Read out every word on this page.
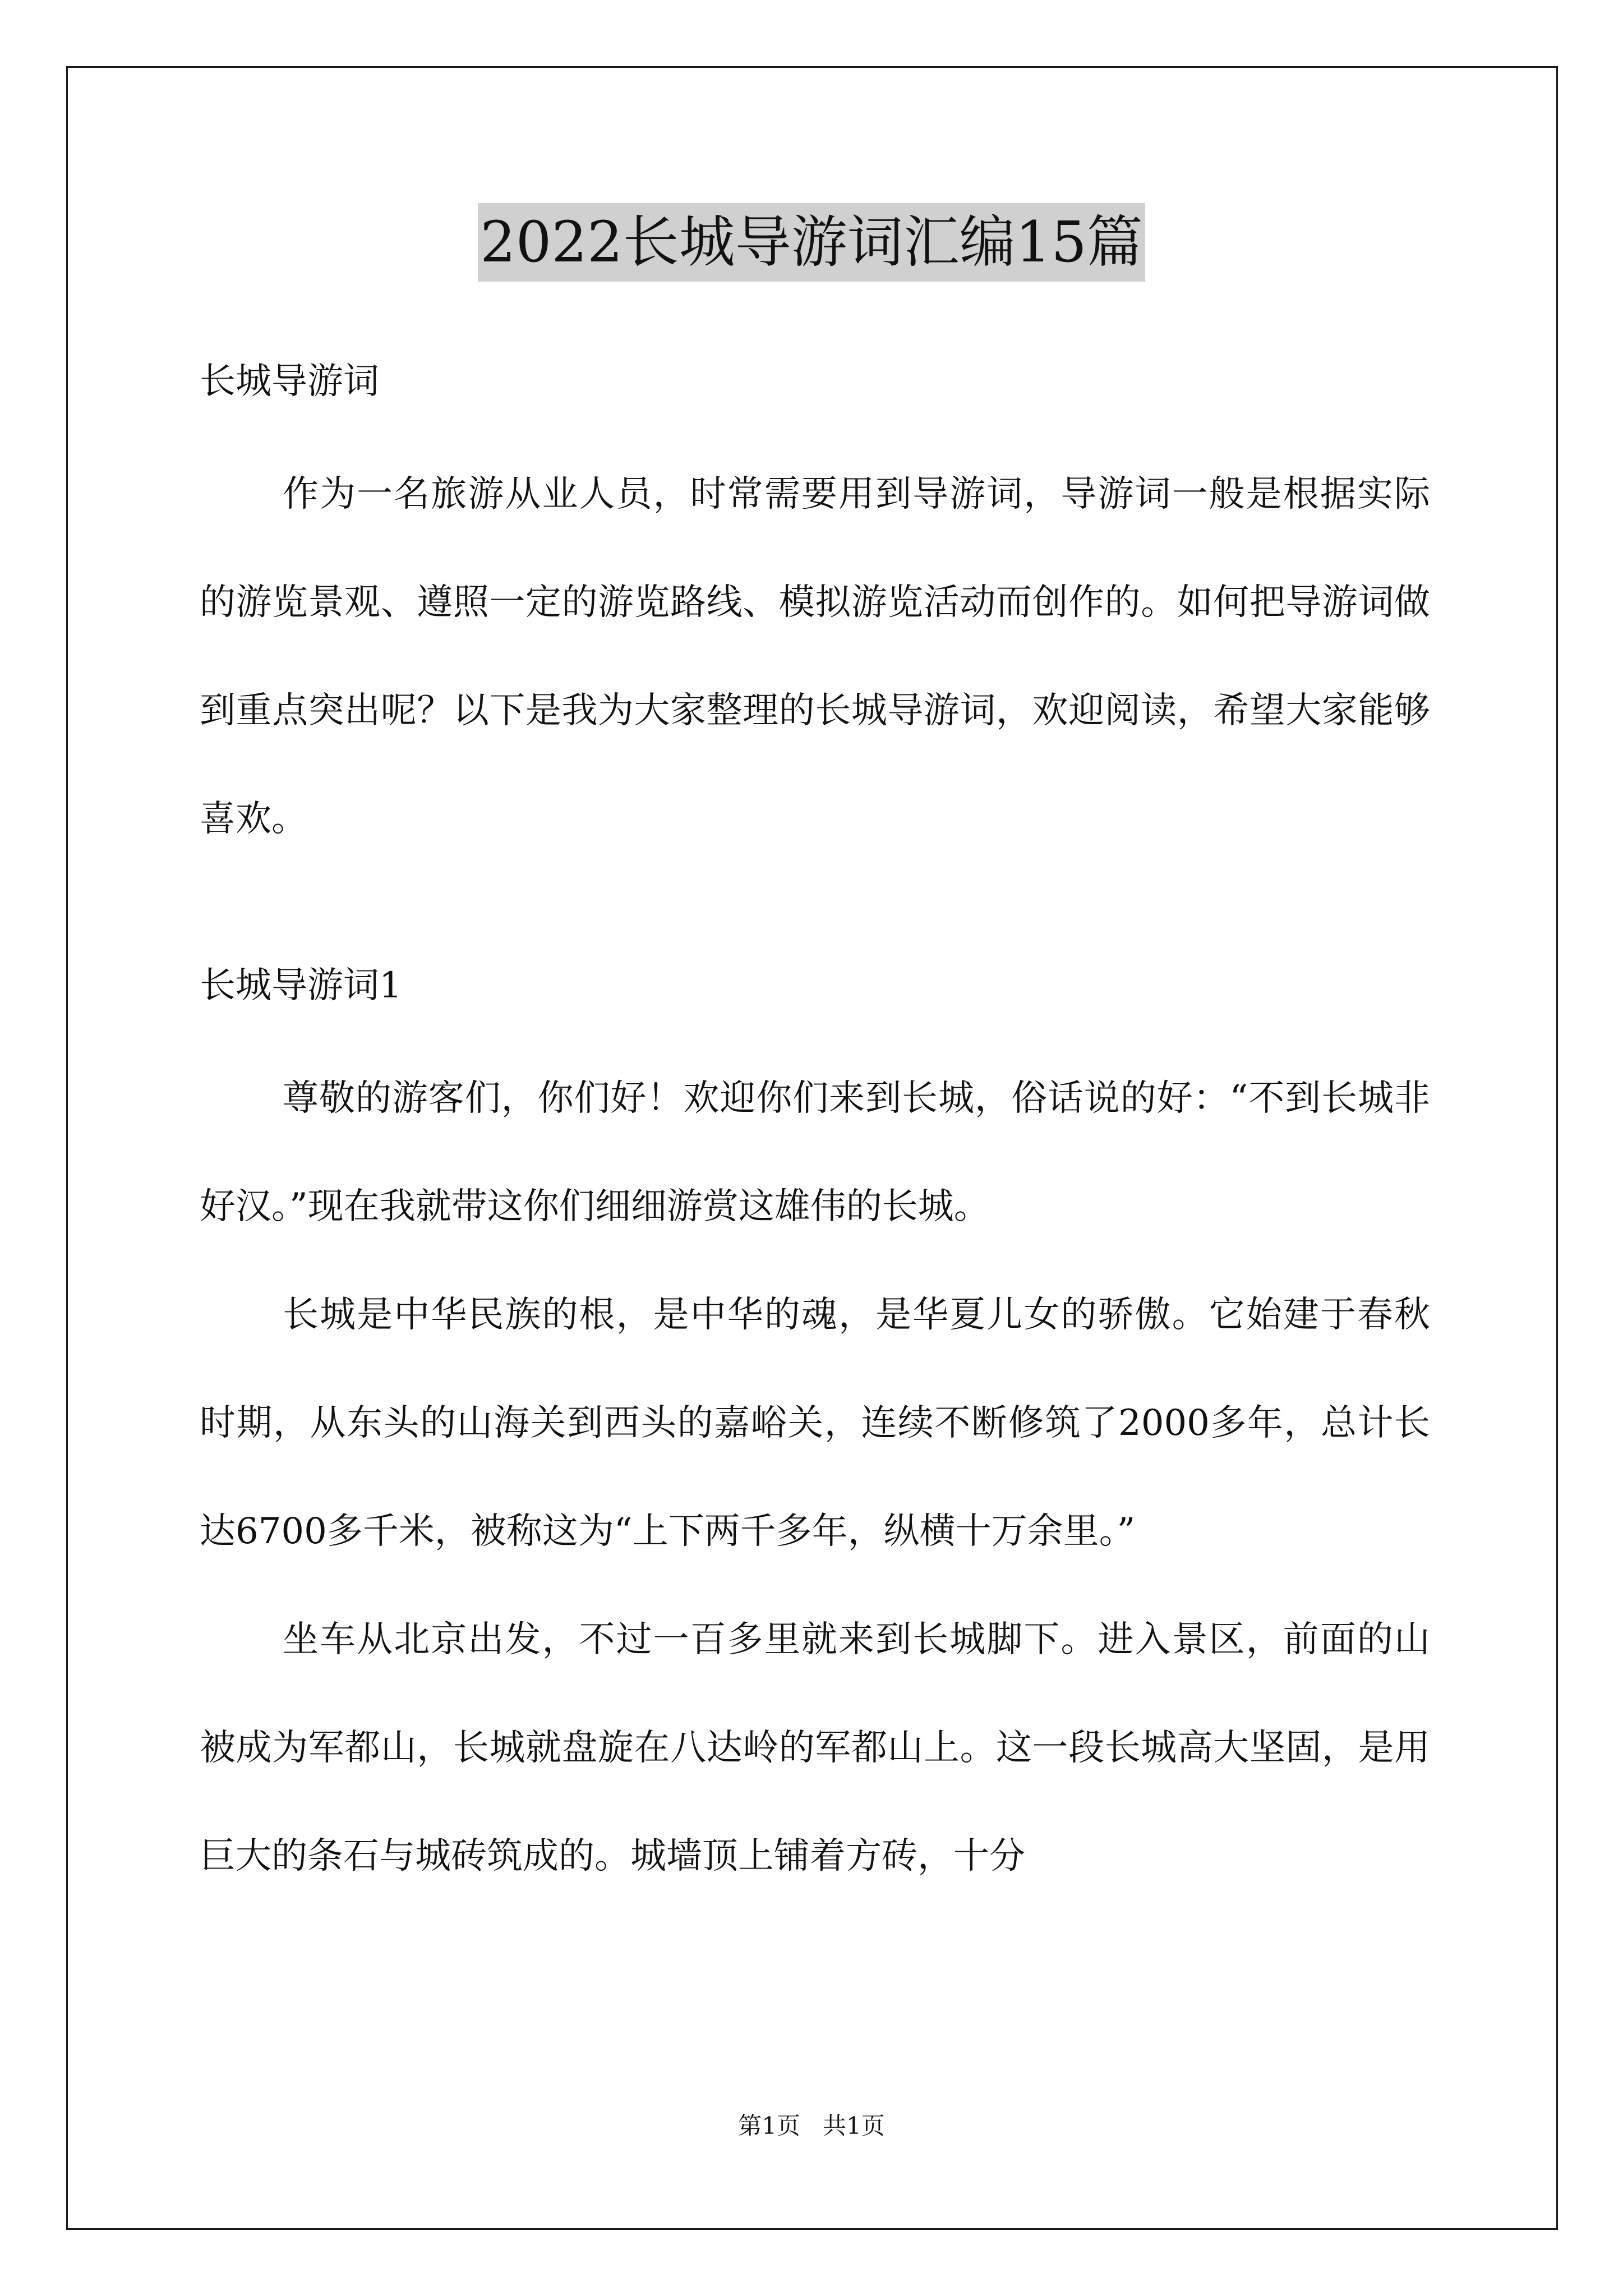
2022长城导游词汇编15篇

长城导游词

作为一名旅游从业人员，时常需要用到导游词，导游词一般是根据实际的游览景观、遵照一定的游览路线、模拟游览活动而创作的。如何把导游词做到重点突出呢？以下是我为大家整理的长城导游词，欢迎阅读，希望大家能够喜欢。

长城导游词1

尊敬的游客们，你们好！欢迎你们来到长城，俗话说的好：“不到长城非好汉。”现在我就带这你们细细游赏这雄伟的长城。

长城是中华民族的根，是中华的魂，是华夏儿女的骄傲。它始建于春秋时期，从东头的山海关到西头的嘉峪关，连续不断修筑了2000多年，总计长达6700多千米，被称这为“上下两千多年，纵横十万余里。”

坐车从北京出发，不过一百多里就来到长城脚下。进入景区，前面的山被成为军都山，长城就盘旋在八达岭的军都山上。这一段长城高大坚固，是用巨大的条石与城砖筑成的。城墙顶上铺着方砖，十分

第1页 共1页
